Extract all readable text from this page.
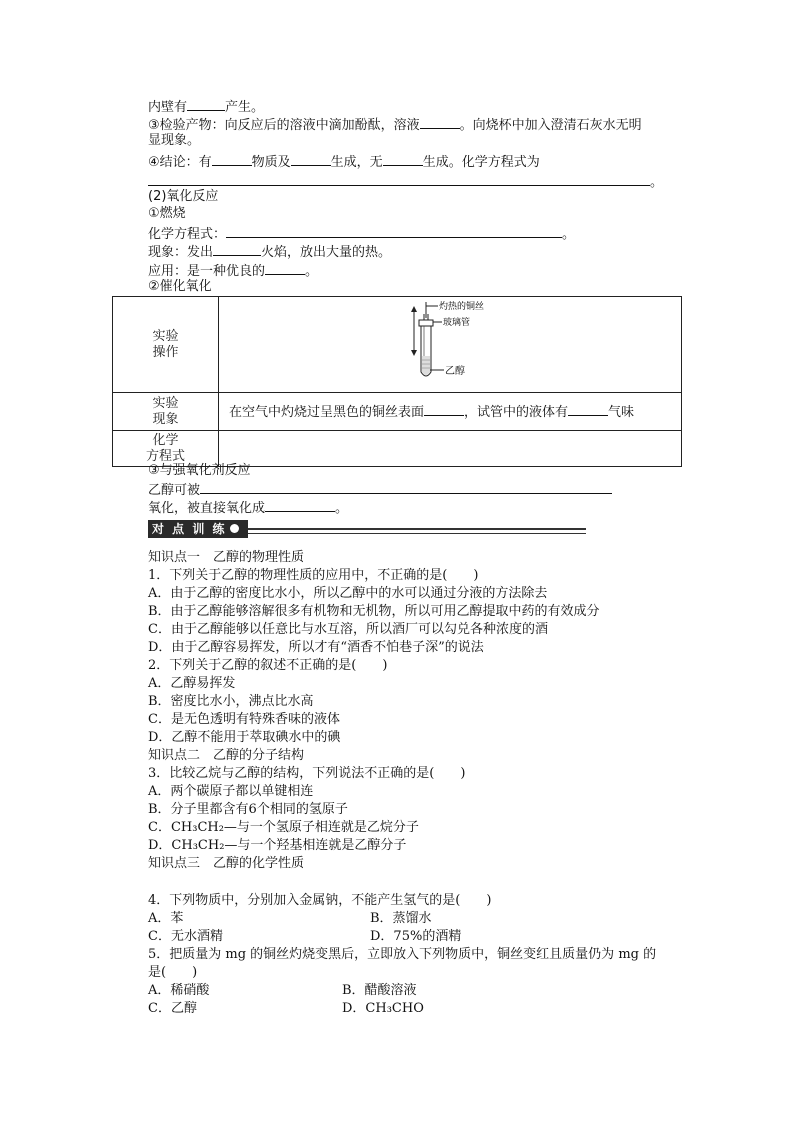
内壁有	产生。
③检验产物：向反应后的溶液中滴加酚酞，溶液	。向烧杯中加入澄清石灰水无明
显现象。
④结论：有	物质及	生成，无	生成。化学方程式为
。
(2)氧化反应
①燃烧
化学方程式：	。
现象：发出	火焰，放出大量的热。
应用：是一种优良的	。
②催化氧化
实验
操作	灼热的铜丝
玻璃管
乙醇

实验
现象	在空气中灼烧过呈黑色的铜丝表面 ，试管中的液体有 气味
化学
方程式	
③与强氧化剂反应
乙醇可被
氧化，被直接氧化成	。
对 点 训 练
知识点一　乙醇的物理性质
1．下列关于乙醇的物理性质的应用中，不正确的是(　　)
A．由于乙醇的密度比水小，所以乙醇中的水可以通过分液的方法除去
B．由于乙醇能够溶解很多有机物和无机物，所以可用乙醇提取中药的有效成分
C．由于乙醇能够以任意比与水互溶，所以酒厂可以勾兑各种浓度的酒
D．由于乙醇容易挥发，所以才有“酒香不怕巷子深”的说法
2．下列关于乙醇的叙述不正确的是(　　)
A．乙醇易挥发
B．密度比水小，沸点比水高
C．是无色透明有特殊香味的液体
D．乙醇不能用于萃取碘水中的碘
知识点二　乙醇的分子结构
3．比较乙烷与乙醇的结构，下列说法不正确的是(　　)
A．两个碳原子都以单键相连
B．分子里都含有6个相同的氢原子
C．CH₃CH₂—与一个氢原子相连就是乙烷分子
D．CH₃CH₂—与一个羟基相连就是乙醇分子
知识点三　乙醇的化学性质
4．下列物质中，分别加入金属钠，不能产生氢气的是(　　)
A．苯	B．蒸馏水
C．无水酒精	D．75%的酒精
5．把质量为 mg 的铜丝灼烧变黑后，立即放入下列物质中，铜丝变红且质量仍为 mg 的
是(　　)
A．稀硝酸	B．醋酸溶液
C．乙醇	D．CH₃CHO
